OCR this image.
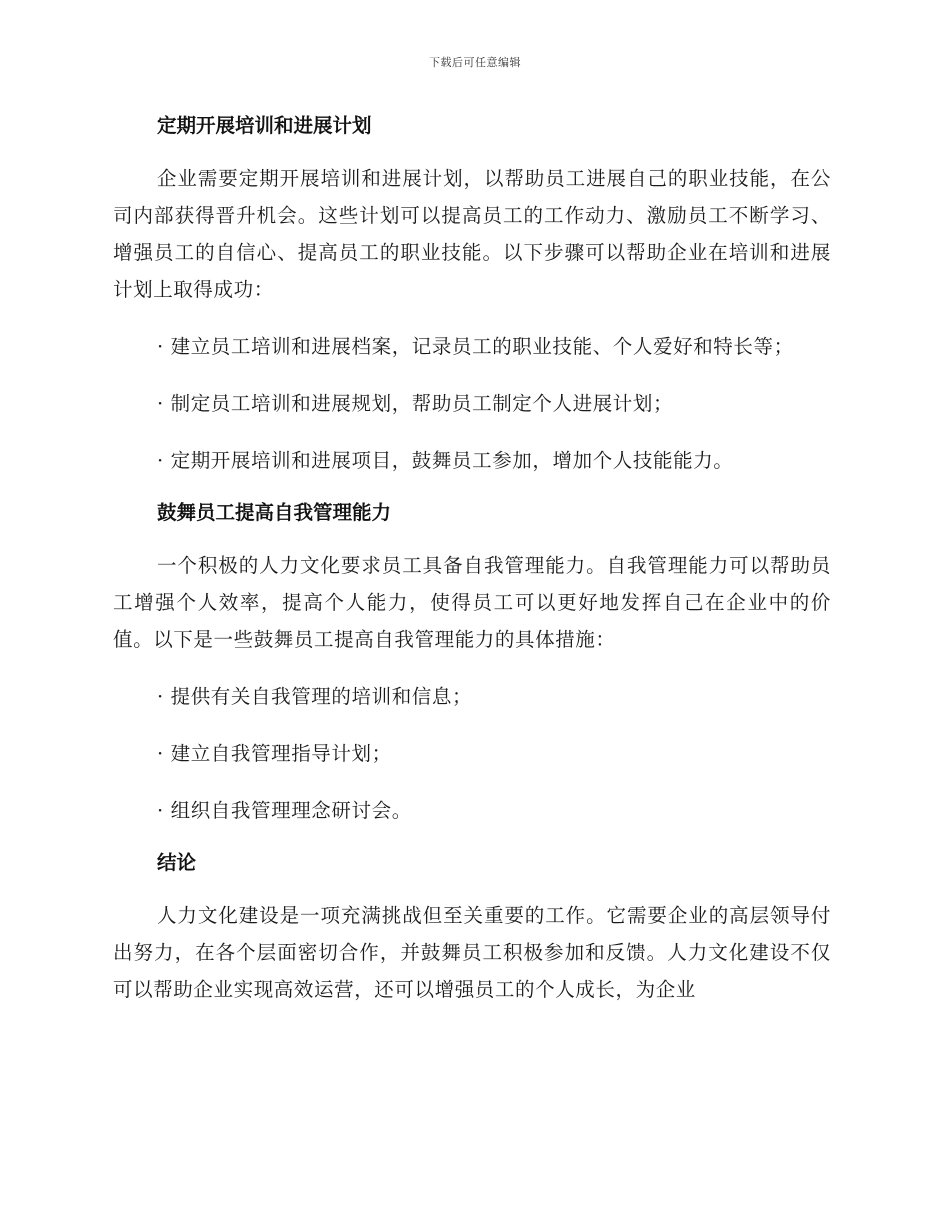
下载后可任意编辑
定期开展培训和进展计划

企业需要定期开展培训和进展计划，以帮助员工进展自己的职业技能，在公司内部获得晋升机会。这些计划可以提高员工的工作动力、激励员工不断学习、增强员工的自信心、提高员工的职业技能。以下步骤可以帮助企业在培训和进展计划上取得成功：

· 建立员工培训和进展档案，记录员工的职业技能、个人爱好和特长等；

· 制定员工培训和进展规划，帮助员工制定个人进展计划；

· 定期开展培训和进展项目，鼓舞员工参加，增加个人技能能力。

鼓舞员工提高自我管理能力

一个积极的人力文化要求员工具备自我管理能力。自我管理能力可以帮助员工增强个人效率，提高个人能力，使得员工可以更好地发挥自己在企业中的价值。以下是一些鼓舞员工提高自我管理能力的具体措施：

· 提供有关自我管理的培训和信息；

· 建立自我管理指导计划；

· 组织自我管理理念研讨会。

结论

人力文化建设是一项充满挑战但至关重要的工作。它需要企业的高层领导付出努力，在各个层面密切合作，并鼓舞员工积极参加和反馈。人力文化建设不仅可以帮助企业实现高效运营，还可以增强员工的个人成长，为企业
